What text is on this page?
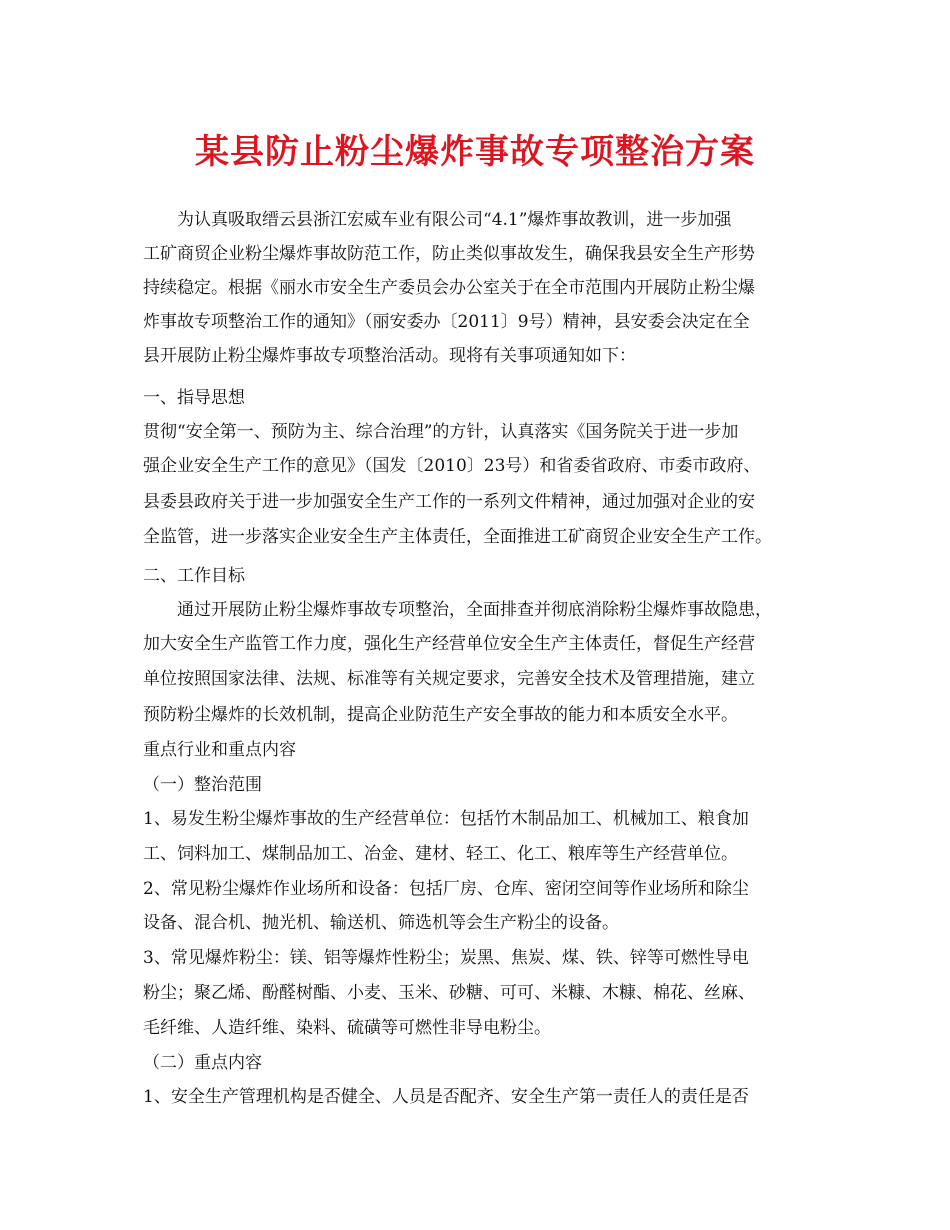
某县防止粉尘爆炸事故专项整治方案
为认真吸取缙云县浙江宏威车业有限公司“4.1”爆炸事故教训，进一步加强
工矿商贸企业粉尘爆炸事故防范工作，防止类似事故发生，确保我县安全生产形势
持续稳定。根据《丽水市安全生产委员会办公室关于在全市范围内开展防止粉尘爆
炸事故专项整治工作的通知》（丽安委办〔2011〕9号）精神，县安委会决定在全
县开展防止粉尘爆炸事故专项整治活动。现将有关事项通知如下：
一、指导思想
贯彻“安全第一、预防为主、综合治理”的方针，认真落实《国务院关于进一步加
强企业安全生产工作的意见》（国发〔2010〕23号）和省委省政府、市委市政府、
县委县政府关于进一步加强安全生产工作的一系列文件精神，通过加强对企业的安
全监管，进一步落实企业安全生产主体责任，全面推进工矿商贸企业安全生产工作。
二、工作目标
通过开展防止粉尘爆炸事故专项整治，全面排查并彻底消除粉尘爆炸事故隐患，
加大安全生产监管工作力度，强化生产经营单位安全生产主体责任，督促生产经营
单位按照国家法律、法规、标准等有关规定要求，完善安全技术及管理措施，建立
预防粉尘爆炸的长效机制，提高企业防范生产安全事故的能力和本质安全水平。
重点行业和重点内容
（一）整治范围
1、易发生粉尘爆炸事故的生产经营单位：包括竹木制品加工、机械加工、粮食加
工、饲料加工、煤制品加工、冶金、建材、轻工、化工、粮库等生产经营单位。
2、常见粉尘爆炸作业场所和设备：包括厂房、仓库、密闭空间等作业场所和除尘
设备、混合机、抛光机、输送机、筛选机等会生产粉尘的设备。
3、常见爆炸粉尘：镁、铝等爆炸性粉尘；炭黑、焦炭、煤、铁、锌等可燃性导电
粉尘；聚乙烯、酚醛树酯、小麦、玉米、砂糖、可可、米糠、木糠、棉花、丝麻、
毛纤维、人造纤维、染料、硫磺等可燃性非导电粉尘。
（二）重点内容
1、安全生产管理机构是否健全、人员是否配齐、安全生产第一责任人的责任是否
